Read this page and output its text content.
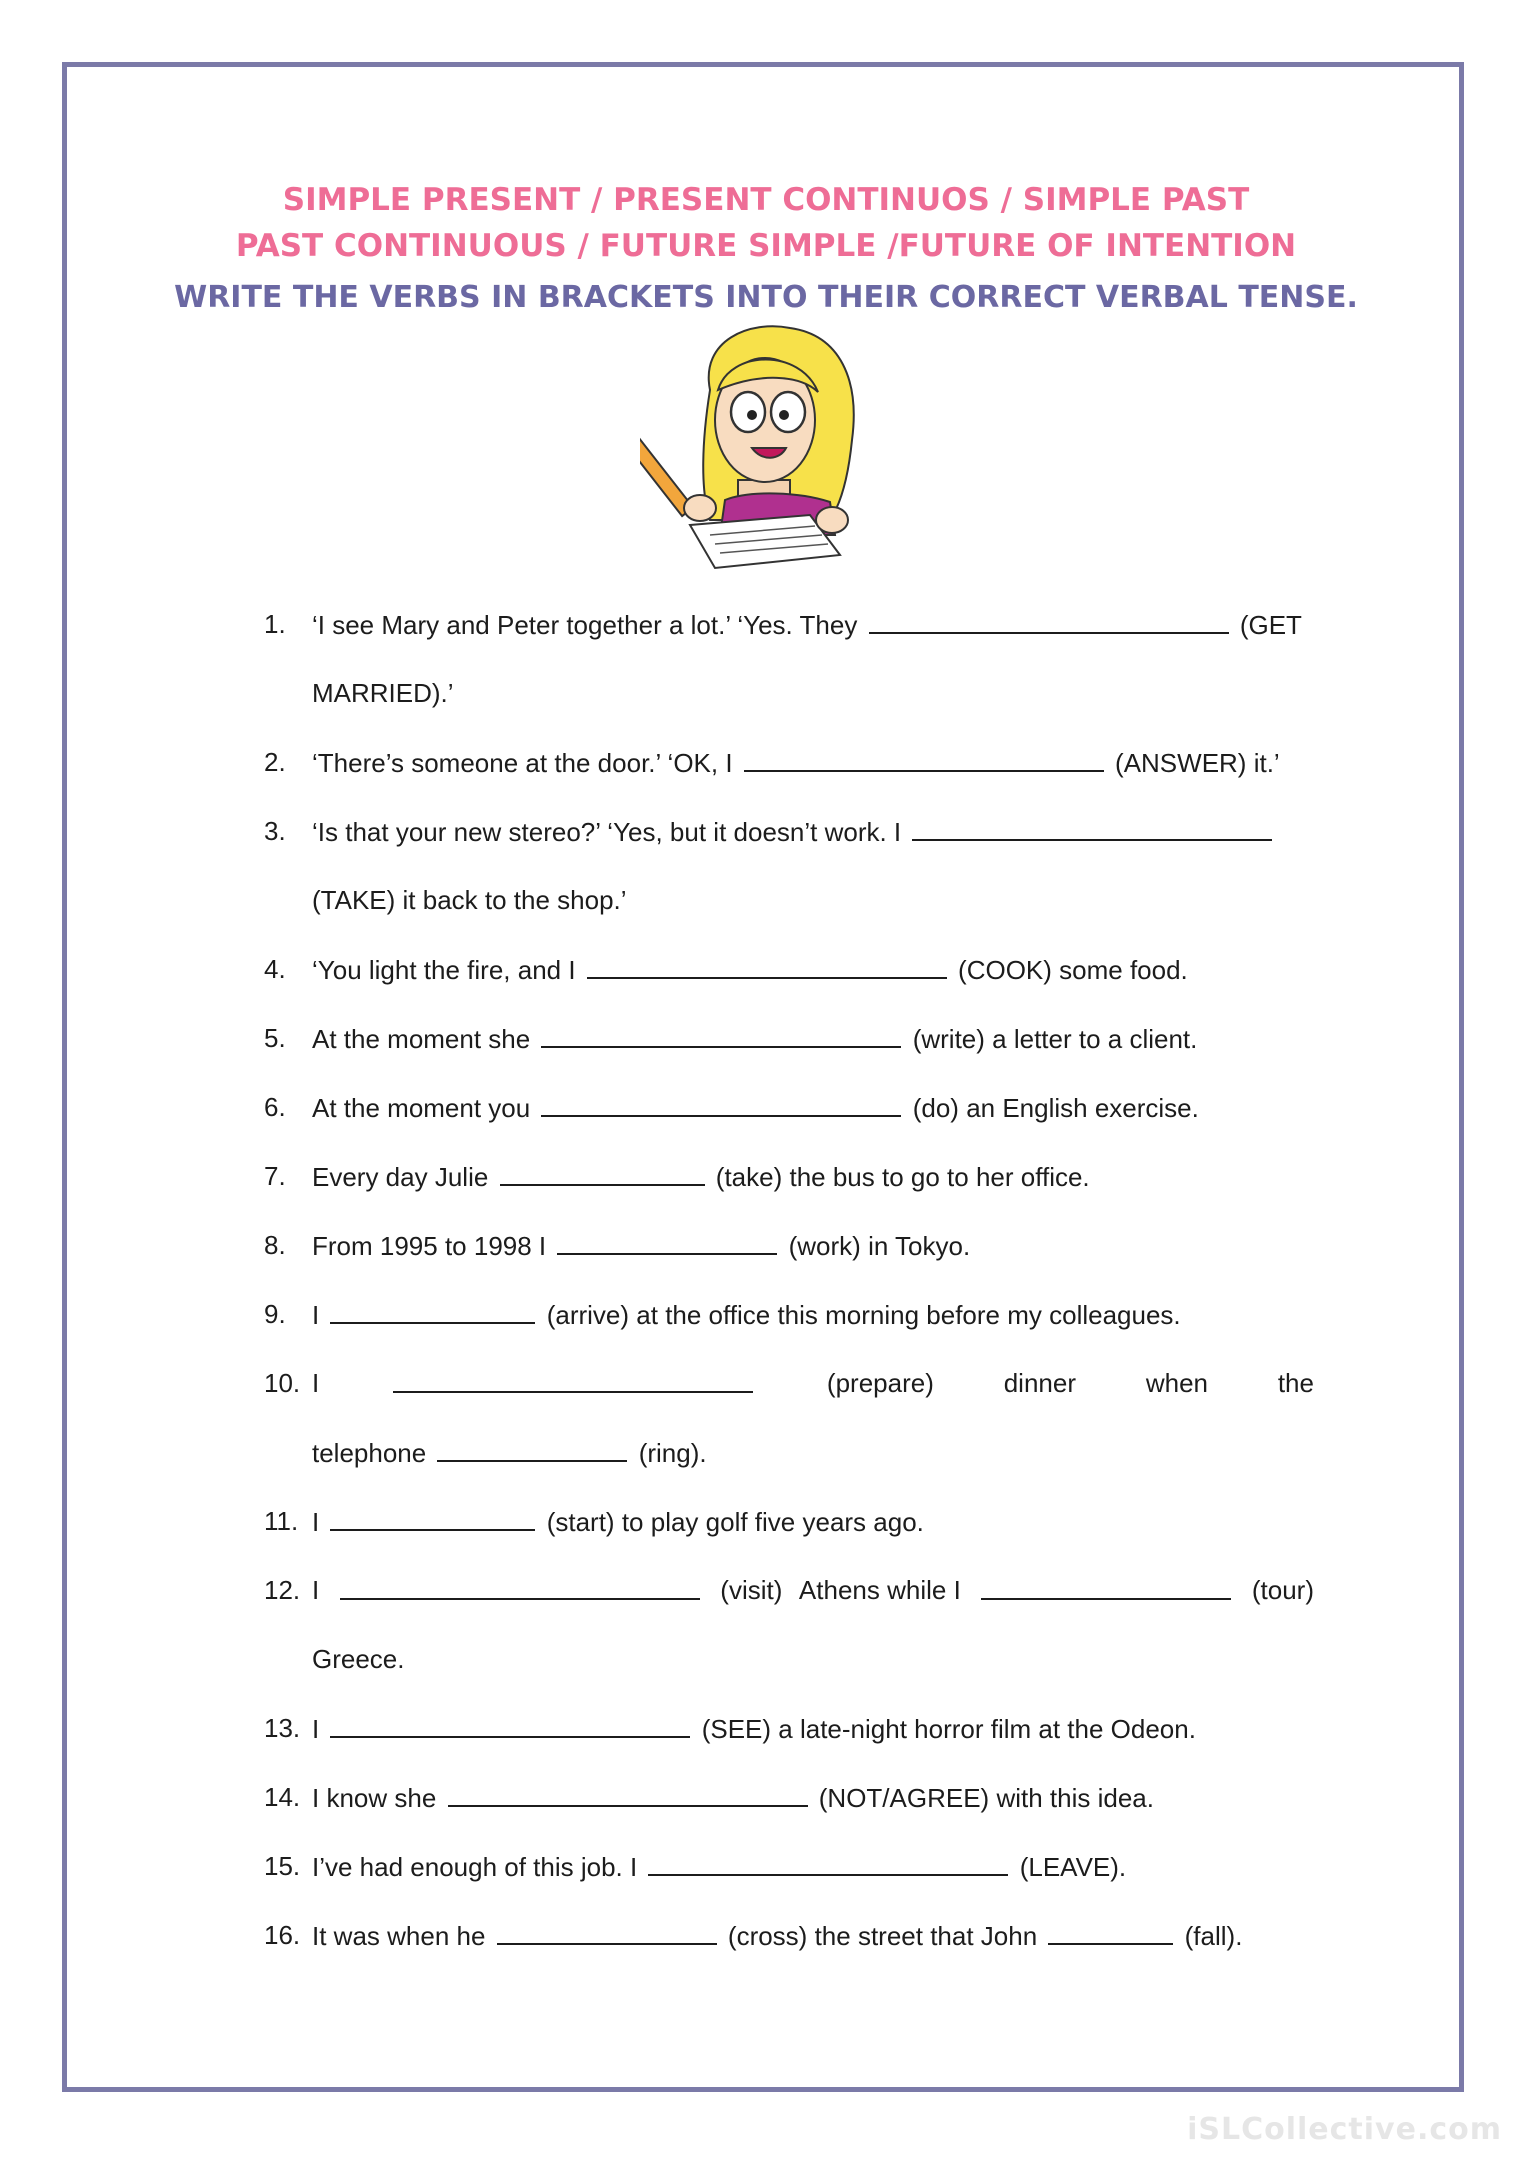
SIMPLE PRESENT / PRESENT CONTINUOS / SIMPLE PAST
PAST CONTINUOUS / FUTURE SIMPLE /FUTURE OF INTENTION
WRITE THE VERBS IN BRACKETS INTO THEIR CORRECT VERBAL TENSE.
1. ‘I see Mary and Peter together a lot.’ ‘Yes. They	(GET
MARRIED).’
2. ‘There’s someone at the door.’ ‘OK, I	(ANSWER) it.’
3. ‘Is that your new stereo?’ ‘Yes, but it doesn’t work. I
(TAKE) it back to the shop.’
4. ‘You light the fire, and I	(COOK) some food.
5. At the moment she	(write) a letter to a client.
6. At the moment you	(do) an English exercise.
7. Every day Julie	(take) the bus to go to her office.
8. From 1995 to 1998 I	(work) in Tokyo.
9. I	(arrive) at the office this morning before my colleagues.
10. I	(prepare)	dinner	when	the
telephone	(ring).
11. I	(start) to play golf five years ago.
12. I	(visit) Athens while I	(tour)
Greece.
13. I	(SEE) a late-night horror film at the Odeon.
14. I know she	(NOT/AGREE) with this idea.
15. I’ve had enough of this job. I	(LEAVE).
16. It was when he	(cross) the street that John	(fall).
iSLCollective.com
